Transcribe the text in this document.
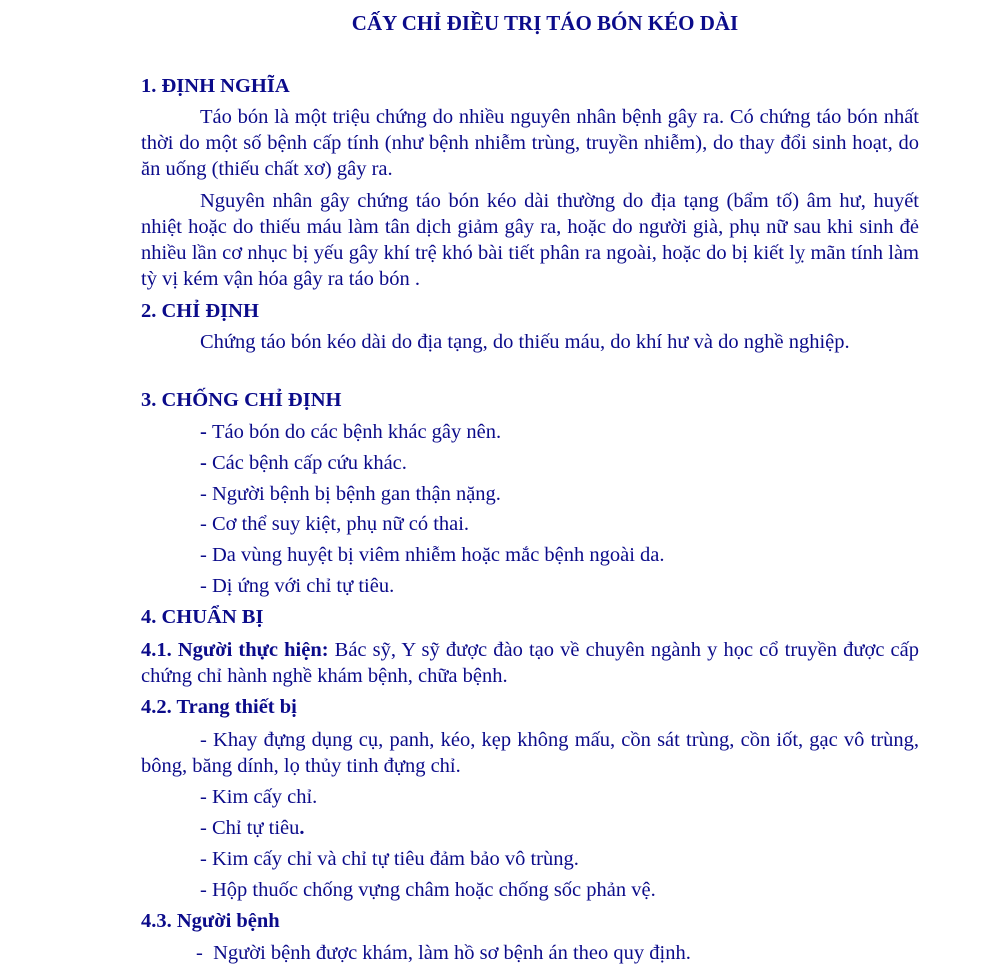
CẤY CHỈ ĐIỀU TRỊ TÁO BÓN KÉO DÀI
1. ĐỊNH NGHĨA
Táo bón là một triệu chứng do nhiều nguyên nhân bệnh gây ra. Có chứng táo bón nhất thời do một số bệnh cấp tính (như bệnh nhiễm trùng, truyền nhiễm), do thay đổi sinh hoạt, do ăn uống (thiếu chất xơ) gây ra.
Nguyên nhân gây chứng táo bón kéo dài thường do địa tạng (bẩm tố) âm hư, huyết nhiệt hoặc do thiếu máu làm tân dịch giảm gây ra, hoặc do người già, phụ nữ sau khi sinh đẻ nhiều lần cơ nhục bị yếu gây khí trệ khó bài tiết phân ra ngoài, hoặc do bị kiết lỵ mãn tính làm tỳ vị kém vận hóa gây ra táo bón .
2. CHỈ ĐỊNH
Chứng táo bón kéo dài do địa tạng, do thiếu máu, do khí hư và do nghề nghiệp.
3. CHỐNG CHỈ ĐỊNH
- Táo bón do các bệnh khác gây nên.
- Các bệnh cấp cứu khác.
- Người bệnh bị bệnh gan thận nặng.
- Cơ thể suy kiệt, phụ nữ có thai.
- Da vùng huyệt bị viêm nhiễm hoặc mắc bệnh ngoài da.
- Dị ứng với chỉ tự tiêu.
4. CHUẨN BỊ
4.1. Người thực hiện: Bác sỹ, Y sỹ được đào tạo về chuyên ngành y học cổ truyền được cấp chứng chỉ hành nghề khám bệnh, chữa bệnh.
4.2. Trang thiết bị
- Khay đựng dụng cụ, panh, kéo, kẹp không mấu, cồn sát trùng, cồn iốt, gạc vô trùng, bông, băng dính, lọ thủy tinh đựng chỉ.
- Kim cấy chỉ.
- Chỉ tự tiêu.
- Kim cấy chỉ và chỉ tự tiêu đảm bảo vô trùng.
- Hộp thuốc chống vựng châm hoặc chống sốc phản vệ.
4.3. Người bệnh
-  Người bệnh được khám, làm hồ sơ bệnh án theo quy định.
